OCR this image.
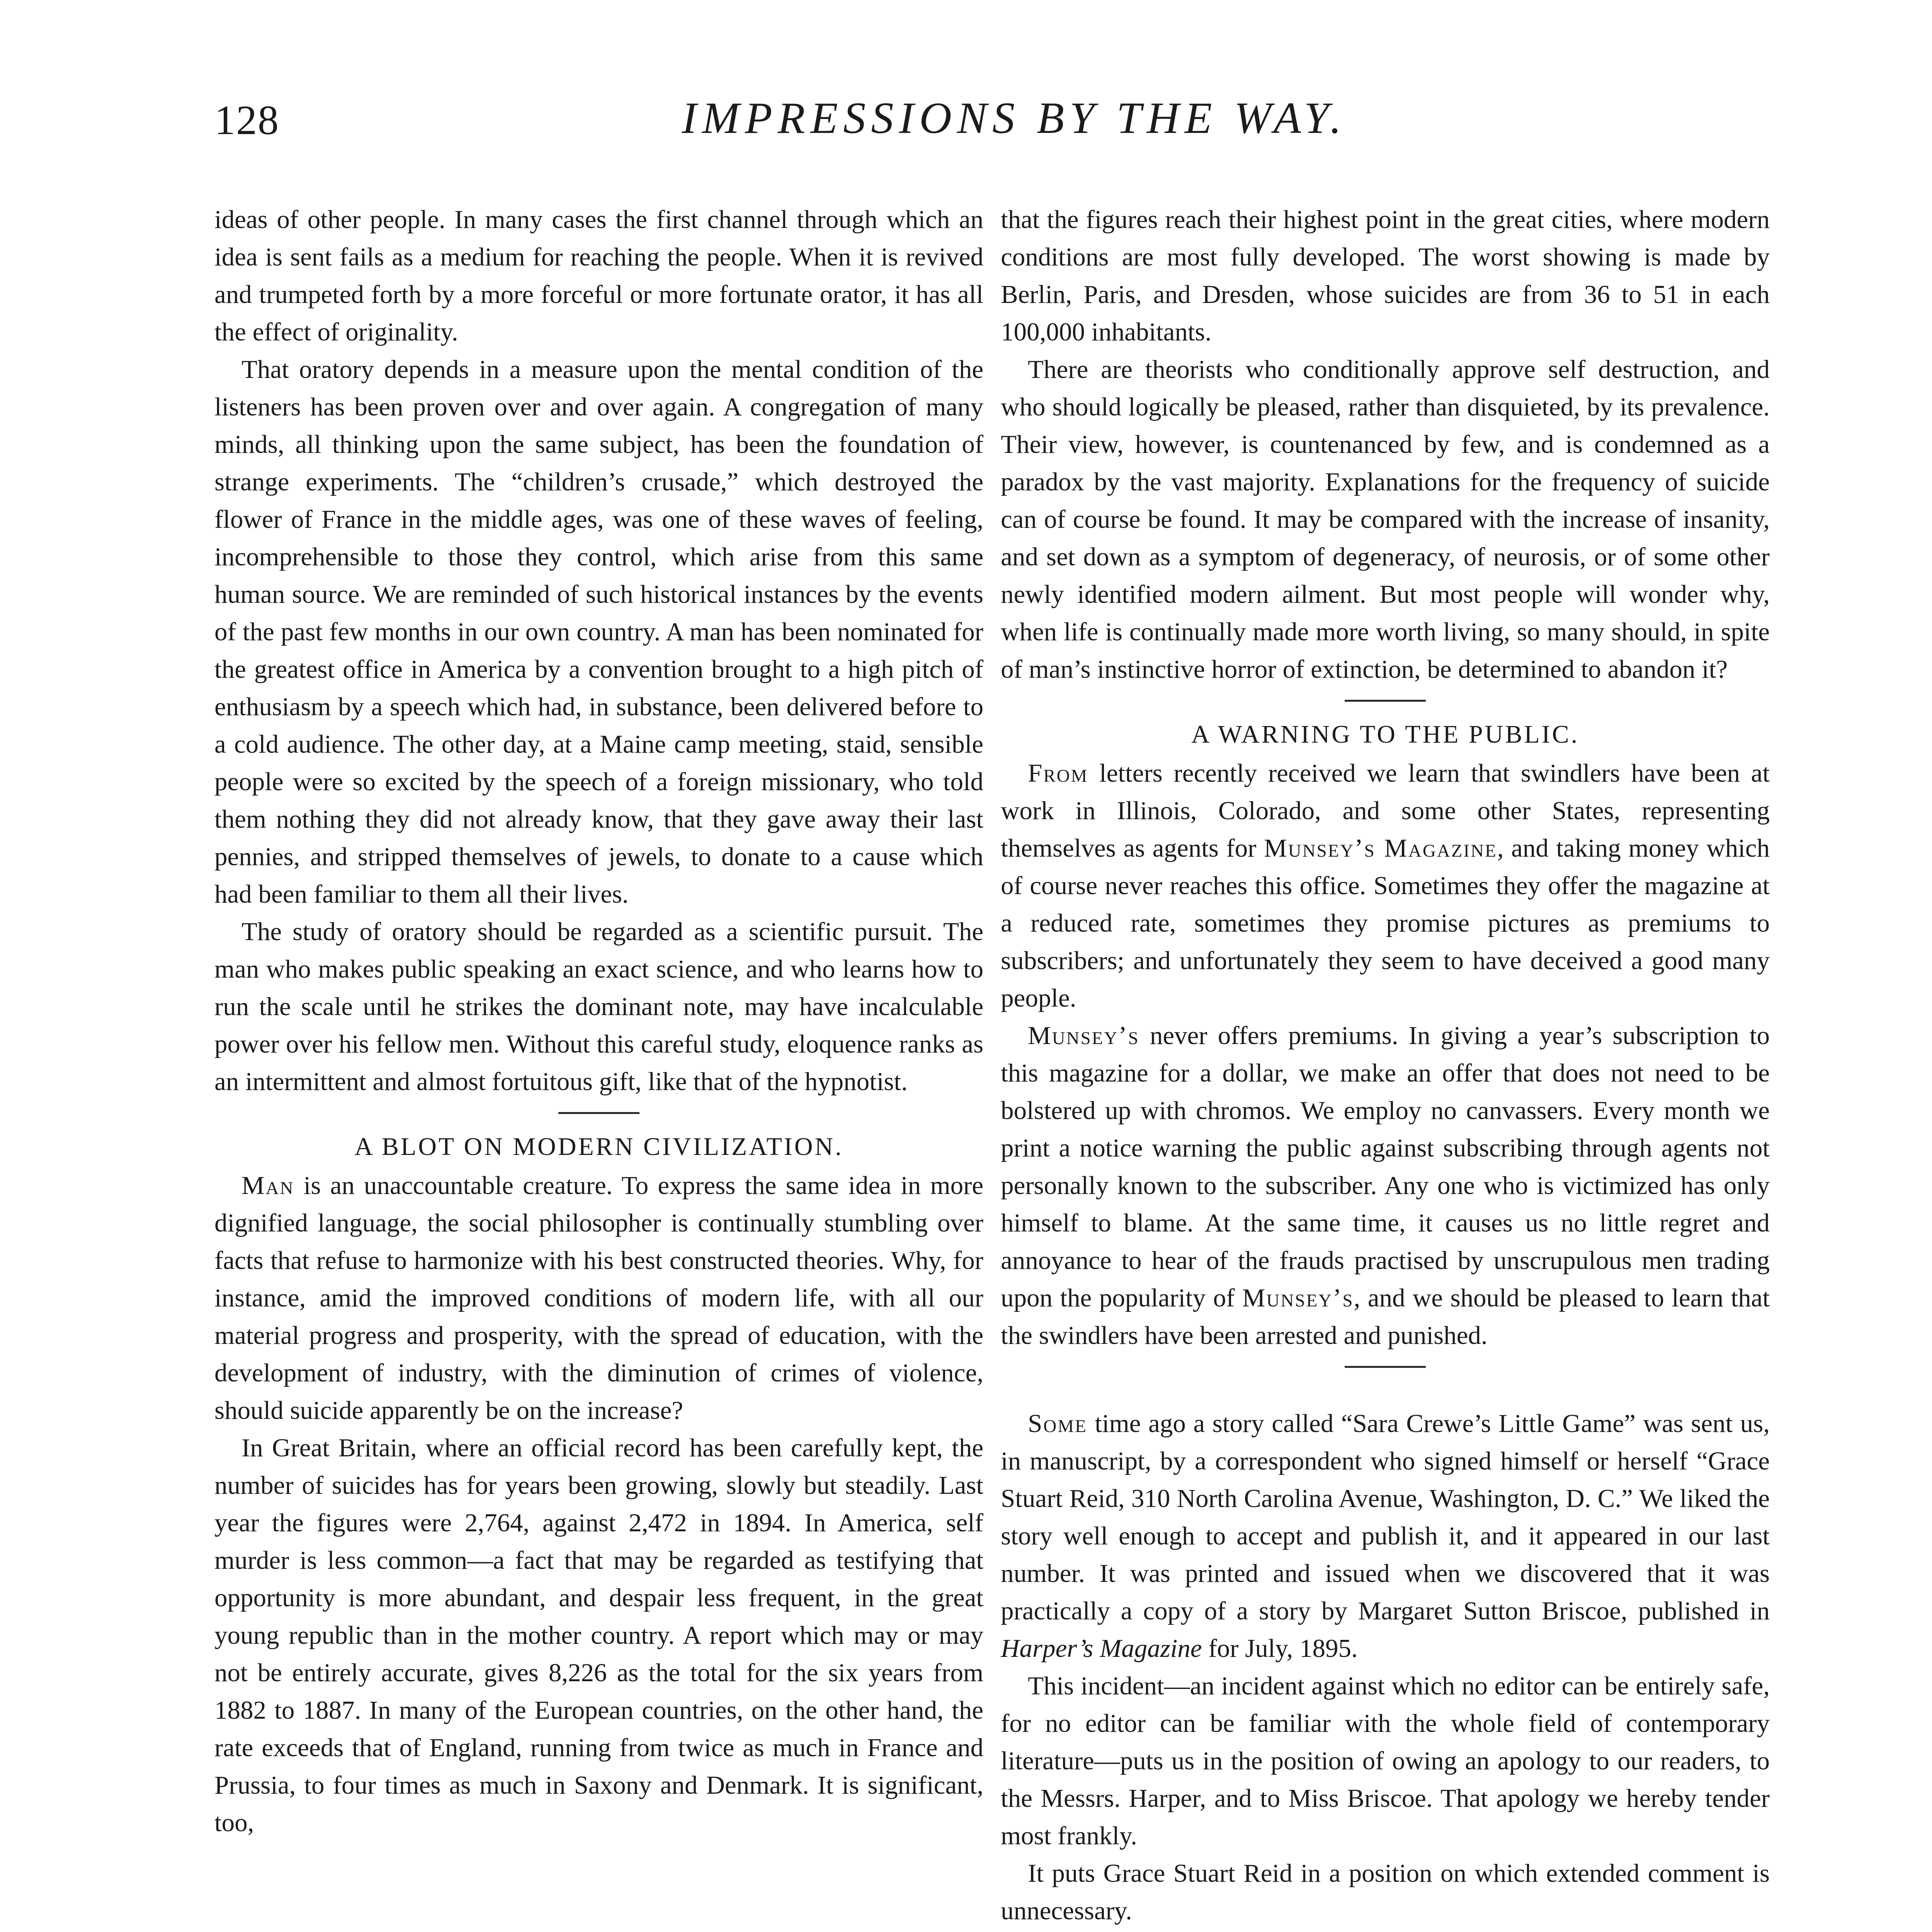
128	IMPRESSIONS BY THE WAY.

ideas of other people. In many cases the first channel through which an idea is sent fails as a medium for reaching the people. When it is revived and trumpeted forth by a more forceful or more fortunate orator, it has all the effect of originality.

That oratory depends in a measure upon the mental condition of the listeners has been proven over and over again. A congregation of many minds, all thinking upon the same subject, has been the foundation of strange experiments. The “children’s crusade,” which destroyed the flower of France in the middle ages, was one of these waves of feeling, incomprehensible to those they control, which arise from this same human source. We are reminded of such historical instances by the events of the past few months in our own country. A man has been nominated for the greatest office in America by a convention brought to a high pitch of enthusiasm by a speech which had, in substance, been delivered before to a cold audience. The other day, at a Maine camp meeting, staid, sensible people were so excited by the speech of a foreign missionary, who told them nothing they did not already know, that they gave away their last pennies, and stripped themselves of jewels, to donate to a cause which had been familiar to them all their lives.

The study of oratory should be regarded as a scientific pursuit. The man who makes public speaking an exact science, and who learns how to run the scale until he strikes the dominant note, may have incalculable power over his fellow men. Without this careful study, eloquence ranks as an intermittent and almost fortuitous gift, like that of the hypnotist.

A BLOT ON MODERN CIVILIZATION.

Man is an unaccountable creature. To express the same idea in more dignified language, the social philosopher is continually stumbling over facts that refuse to harmonize with his best constructed theories. Why, for instance, amid the improved conditions of modern life, with all our material progress and prosperity, with the spread of education, with the development of industry, with the diminution of crimes of violence, should suicide apparently be on the increase?

In Great Britain, where an official record has been carefully kept, the number of suicides has for years been growing, slowly but steadily. Last year the figures were 2,764, against 2,472 in 1894. In America, self murder is less common—a fact that may be regarded as testifying that opportunity is more abundant, and despair less frequent, in the great young republic than in the mother country. A report which may or may not be entirely accurate, gives 8,226 as the total for the six years from 1882 to 1887. In many of the European countries, on the other hand, the rate exceeds that of England, running from twice as much in France and Prussia, to four times as much in Saxony and Denmark. It is significant, too,

that the figures reach their highest point in the great cities, where modern conditions are most fully developed. The worst showing is made by Berlin, Paris, and Dresden, whose suicides are from 36 to 51 in each 100,000 inhabitants.

There are theorists who conditionally approve self destruction, and who should logically be pleased, rather than disquieted, by its prevalence. Their view, however, is countenanced by few, and is condemned as a paradox by the vast majority. Explanations for the frequency of suicide can of course be found. It may be compared with the increase of insanity, and set down as a symptom of degeneracy, of neurosis, or of some other newly identified modern ailment. But most people will wonder why, when life is continually made more worth living, so many should, in spite of man’s instinctive horror of extinction, be determined to abandon it?

A WARNING TO THE PUBLIC.

From letters recently received we learn that swindlers have been at work in Illinois, Colorado, and some other States, representing themselves as agents for Munsey’s Magazine, and taking money which of course never reaches this office. Sometimes they offer the magazine at a reduced rate, sometimes they promise pictures as premiums to subscribers; and unfortunately they seem to have deceived a good many people.

Munsey’s never offers premiums. In giving a year’s subscription to this magazine for a dollar, we make an offer that does not need to be bolstered up with chromos. We employ no canvassers. Every month we print a notice warning the public against subscribing through agents not personally known to the subscriber. Any one who is victimized has only himself to blame. At the same time, it causes us no little regret and annoyance to hear of the frauds practised by unscrupulous men trading upon the popularity of Munsey’s, and we should be pleased to learn that the swindlers have been arrested and punished.

Some time ago a story called “Sara Crewe’s Little Game” was sent us, in manuscript, by a correspondent who signed himself or herself “Grace Stuart Reid, 310 North Carolina Avenue, Washington, D. C.” We liked the story well enough to accept and publish it, and it appeared in our last number. It was printed and issued when we discovered that it was practically a copy of a story by Margaret Sutton Briscoe, published in Harper’s Magazine for July, 1895.

This incident—an incident against which no editor can be entirely safe, for no editor can be familiar with the whole field of contemporary literature—puts us in the position of owing an apology to our readers, to the Messrs. Harper, and to Miss Briscoe. That apology we hereby tender most frankly.

It puts Grace Stuart Reid in a position on which extended comment is unnecessary.
